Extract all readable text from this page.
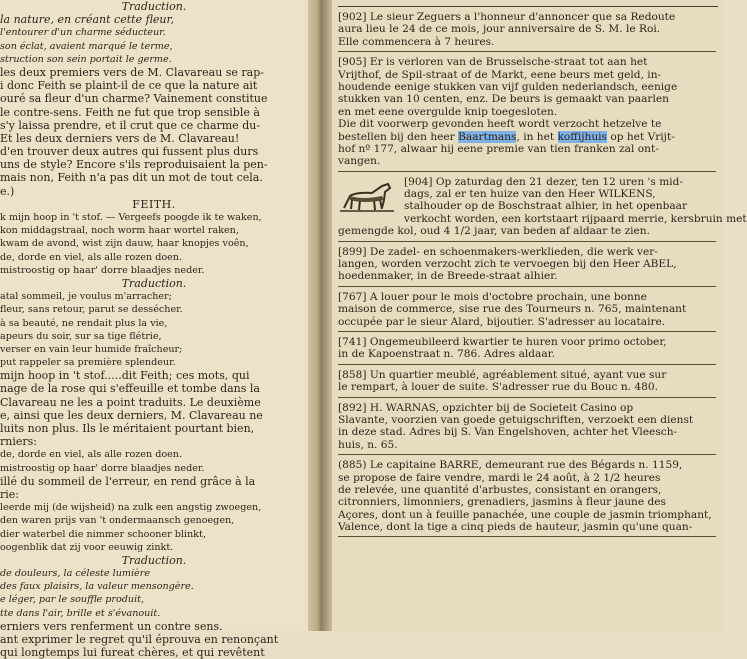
Traduction.
la nature, en créant cette fleur,
l'entourer d'un charme séducteur.
son éclat, avaient marqué le terme,
struction son sein portait le germe.
les deux premiers vers de M. Clavareau se rap-
i donc Feith se plaint-il de ce que la nature ait
ouré sa fleur d'un charme? Vainement constitue
le contre-sens. Feith ne fut que trop sensible à
s'y laissa prendre, et il crut que ce charme du-
Et les deux derniers vers de M. Clavareau!
d'en trouver deux autres qui fussent plus durs
uns de style? Encore s'ils reproduisaient la pen-
mais non, Feith n'a pas dit un mot de tout cela.
e.)
FEITH.
k mijn hoop in 't stof. — Vergeefs poogde ik te waken,
kon middagstraal, noch worm haar wortel raken,
kwam de avond, wist zijn dauw, haar knopjes voên,
de, dorde en viel, als alle rozen doen.
mistroostig op haar' dorre blaadjes neder.
Traduction.
atal sommeil, je voulus m'arracher;
fleur, sans retour, parut se dessécher.
à sa beauté, ne rendait plus la vie,
apeurs du soir, sur sa tige flétrie,
verser en vain leur humide fraîcheur;
put rappeler sa première splendeur.
mijn hoop in 't stof.....dit Feith; ces mots, qui
nage de la rose qui s'effeuille et tombe dans la
Clavareau ne les a point traduits. Le deuxième
e, ainsi que les deux derniers, M. Clavareau ne
luits non plus. Ils le méritaient pourtant bien,
rniers:
de, dorde en viel, als alle rozen doen.
mistroostig op haar' dorre blaadjes neder.
illé du sommeil de l'erreur, en rend grâce à la
rie:
leerde mij (de wijsheid) na zulk een angstig zwoegen,
den waren prijs van 't ondermaansch genoegen,
dier waterbel die nimmer schooner blinkt,
oogenblik dat zij voor eeuwig zinkt.
Traduction.
de douleurs, la céleste lumière
des faux plaisirs, la valeur mensongère.
e léger, par le souffle produit,
tte dans l'air, brille et s'évanouit.
erniers vers renferment un contre sens.
ant exprimer le regret qu'il éprouva en renonçant
qui longtemps lui fureat chères, et qui revêtent
[902] Le sieur Zeguers a l'honneur d'annoncer que sa Redoute
aura lieu le 24 de ce mois, jour anniversaire de S. M. le Roi.
Elle commencera à 7 heures.
[905] Er is verloren van de Brusselsche-straat tot aan het
Vrijthof, de Spil-straat of de Markt, eene beurs met geld, in-
houdende eenige stukken van vijf gulden nederlandsch, eenige
stukken van 10 centen, enz. De beurs is gemaakt van paarlen
en met eene overgulde knip toegesloten.
Die dit voorwerp gevonden heeft wordt verzocht hetzelve te
bestellen bij den heer Baartmans, in het koffijhuis op het Vrijt-
hof nº 177, alwaar hij eene premie van tien franken zal ont-
vangen.
[904] Op zaturdag den 21 dezer, ten 12 uren 's mid-
dags, zal er ten huize van den Heer WILKENS,
stalhouder op de Boschstraat alhier, in het openbaar
verkocht worden, een kortstaart rijpaard merrie, kersbruin met
gemengde kol, oud 4 1/2 jaar, van beden af aldaar te zien.
[899] De zadel- en schoenmakers-werklieden, die werk ver-
langen, worden verzocht zich te vervoegen bij den Heer ABEL,
hoedenmaker, in de Breede-straat alhier.
[767] A louer pour le mois d'octobre prochain, une bonne
maison de commerce, sise rue des Tourneurs n. 765, maintenant
occupée par le sieur Alard, bijoutier. S'adresser au locataire.
[741] Ongemeubileerd kwartier te huren voor primo october,
in de Kapoenstraat n. 786. Adres aldaar.
[858] Un quartier meublé, agréablement situé, ayant vue sur
le rempart, à louer de suite. S'adresser rue du Bouc n. 480.
[892] H. WARNAS, opzichter bij de Societeit Casino op
Slavante, voorzien van goede getuigschriften, verzoekt een dienst
in deze stad. Adres bij S. Van Engelshoven, achter het Vleesch-
huis, n. 65.
(885) Le capitaine BARRE, demeurant rue des Bégards n. 1159,
se propose de faire vendre, mardi le 24 août, à 2 1/2 heures
de relevée, une quantité d'arbustes, consistant en orangers,
citronniers, limonniers, grenadiers, jasmins à fleur jaune des
Açores, dont un à feuille panachée, une couple de jasmin triomphant,
Valence, dont la tige a cinq pieds de hauteur, jasmin qu'une quan-
